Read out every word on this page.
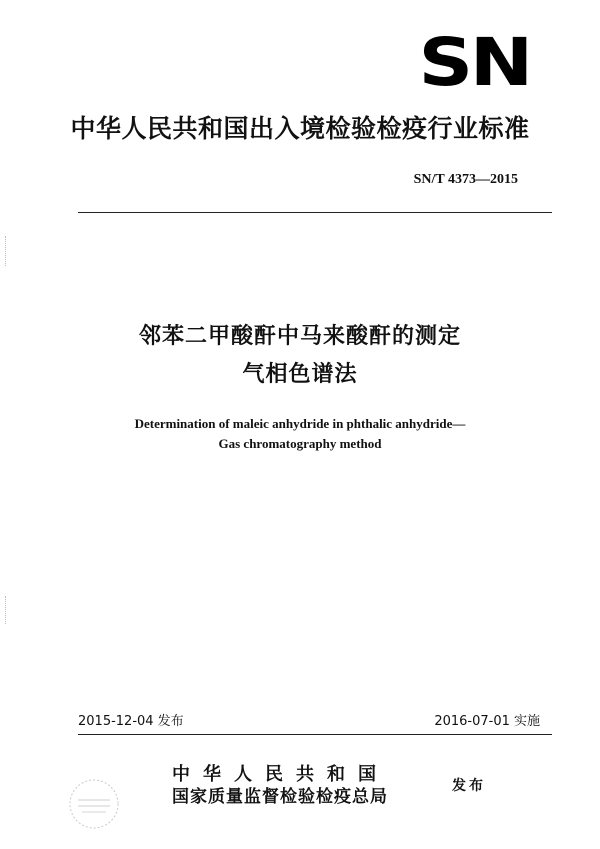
SN
中华人民共和国出入境检验检疫行业标准
SN/T 4373—2015
邻苯二甲酸酐中马来酸酐的测定
气相色谱法
Determination of maleic anhydride in phthalic anhydride—
Gas chromatography method
2015-12-04 发布	2016-07-01 实施
中华人民共和国
国家质量监督检验检疫总局
发布
